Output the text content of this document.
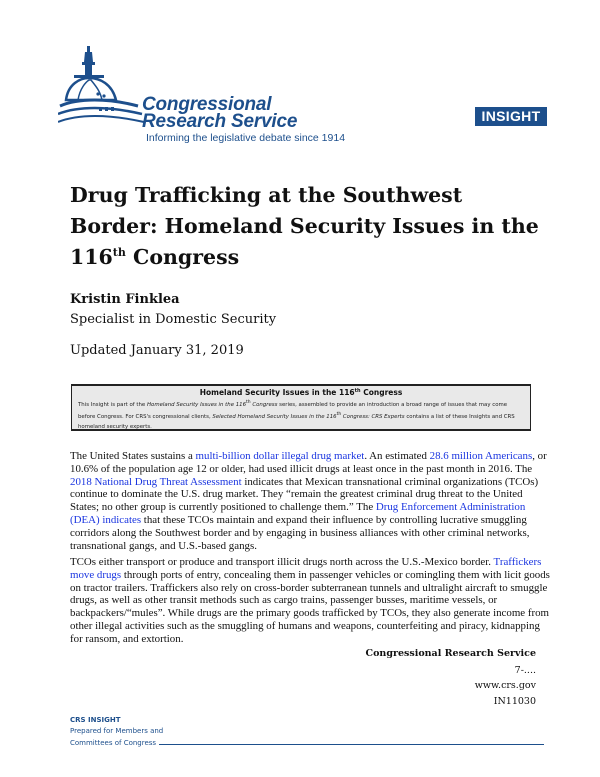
Congressional
Research Service
Informing the legislative debate since 1914
INSIGHT
Drug Trafficking at the Southwest Border: Homeland Security Issues in the 116th Congress
Kristin Finklea
Specialist in Domestic Security
Updated January 31, 2019
Homeland Security Issues in the 116th Congress
This Insight is part of the Homeland Security Issues in the 116th Congress series, assembled to provide an introduction a broad range of issues that may come before Congress. For CRS's congressional clients, Selected Homeland Security Issues in the 116th Congress: CRS Experts contains a list of these Insights and CRS homeland security experts.

The United States sustains a multi-billion dollar illegal drug market. An estimated 28.6 million Americans, or 10.6% of the population age 12 or older, had used illicit drugs at least once in the past month in 2016. The 2018 National Drug Threat Assessment indicates that Mexican transnational criminal organizations (TCOs) continue to dominate the U.S. drug market. They “remain the greatest criminal drug threat to the United States; no other group is currently positioned to challenge them.” The Drug Enforcement Administration (DEA) indicates that these TCOs maintain and expand their influence by controlling lucrative smuggling corridors along the Southwest border and by engaging in business alliances with other criminal networks, transnational gangs, and U.S.-based gangs.

TCOs either transport or produce and transport illicit drugs north across the U.S.-Mexico border. Traffickers move drugs through ports of entry, concealing them in passenger vehicles or comingling them with licit goods on tractor trailers. Traffickers also rely on cross-border subterranean tunnels and ultralight aircraft to smuggle drugs, as well as other transit methods such as cargo trains, passenger busses, maritime vessels, or backpackers/“mules”. While drugs are the primary goods trafficked by TCOs, they also generate income from other illegal activities such as the smuggling of humans and weapons, counterfeiting and piracy, kidnapping for ransom, and extortion.

Congressional Research Service
7-....
www.crs.gov
IN11030
CRS INSIGHT
Prepared for Members and
Committees of Congress
